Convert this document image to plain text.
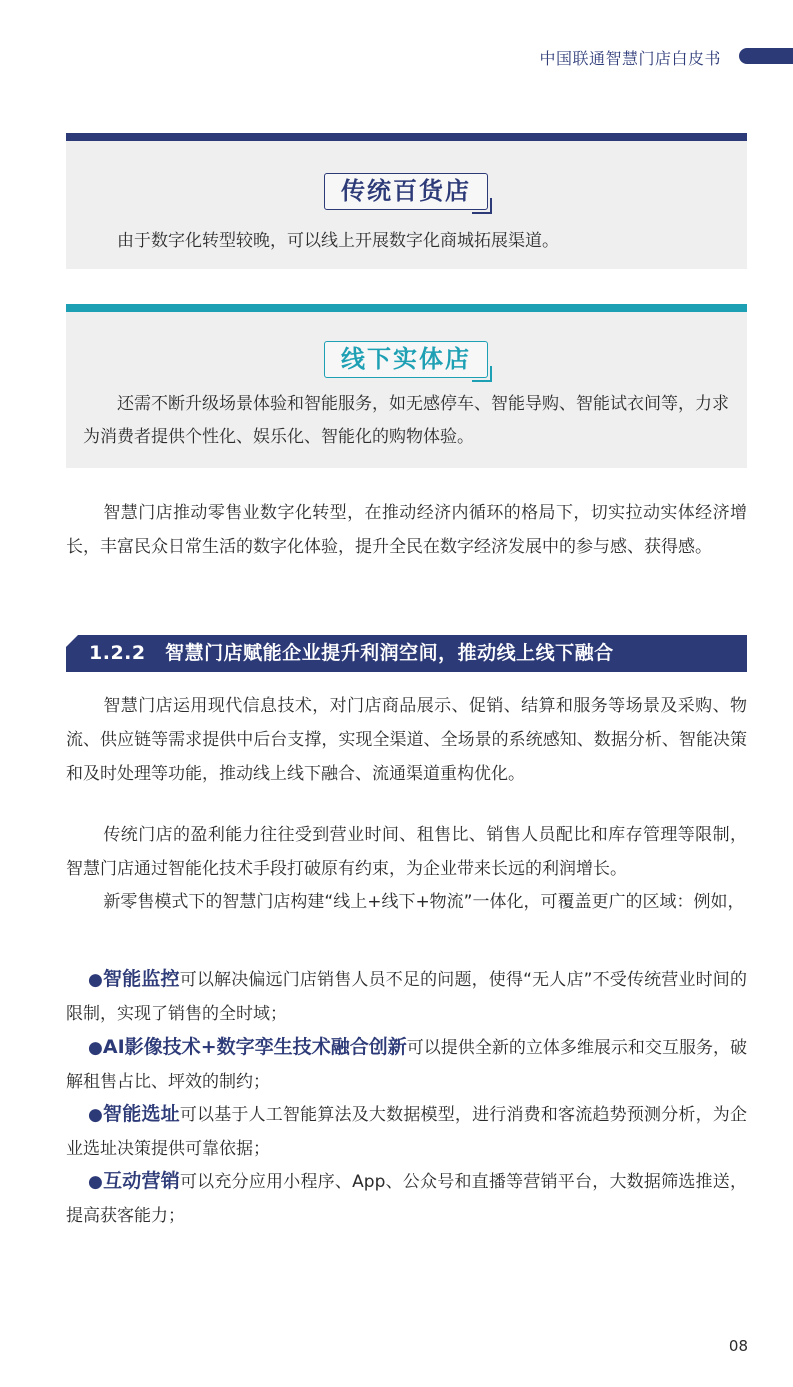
中国联通智慧门店白皮书
传统百货店
由于数字化转型较晚，可以线上开展数字化商城拓展渠道。
线下实体店
还需不断升级场景体验和智能服务，如无感停车、智能导购、智能试衣间等，力求为消费者提供个性化、娱乐化、智能化的购物体验。
智慧门店推动零售业数字化转型，在推动经济内循环的格局下，切实拉动实体经济增长，丰富民众日常生活的数字化体验，提升全民在数字经济发展中的参与感、获得感。
1.2.2　智慧门店赋能企业提升利润空间，推动线上线下融合
智慧门店运用现代信息技术，对门店商品展示、促销、结算和服务等场景及采购、物流、供应链等需求提供中后台支撑，实现全渠道、全场景的系统感知、数据分析、智能决策和及时处理等功能，推动线上线下融合、流通渠道重构优化。
传统门店的盈利能力往往受到营业时间、租售比、销售人员配比和库存管理等限制，智慧门店通过智能化技术手段打破原有约束，为企业带来长远的利润增长。
新零售模式下的智慧门店构建“线上+线下+物流”一体化，可覆盖更广的区域：例如，
●智能监控可以解决偏远门店销售人员不足的问题，使得“无人店”不受传统营业时间的限制，实现了销售的全时域；
●AI影像技术+数字孪生技术融合创新可以提供全新的立体多维展示和交互服务，破解租售占比、坪效的制约；
●智能选址可以基于人工智能算法及大数据模型，进行消费和客流趋势预测分析，为企业选址决策提供可靠依据；
●互动营销可以充分应用小程序、App、公众号和直播等营销平台，大数据筛选推送，提高获客能力；
08
